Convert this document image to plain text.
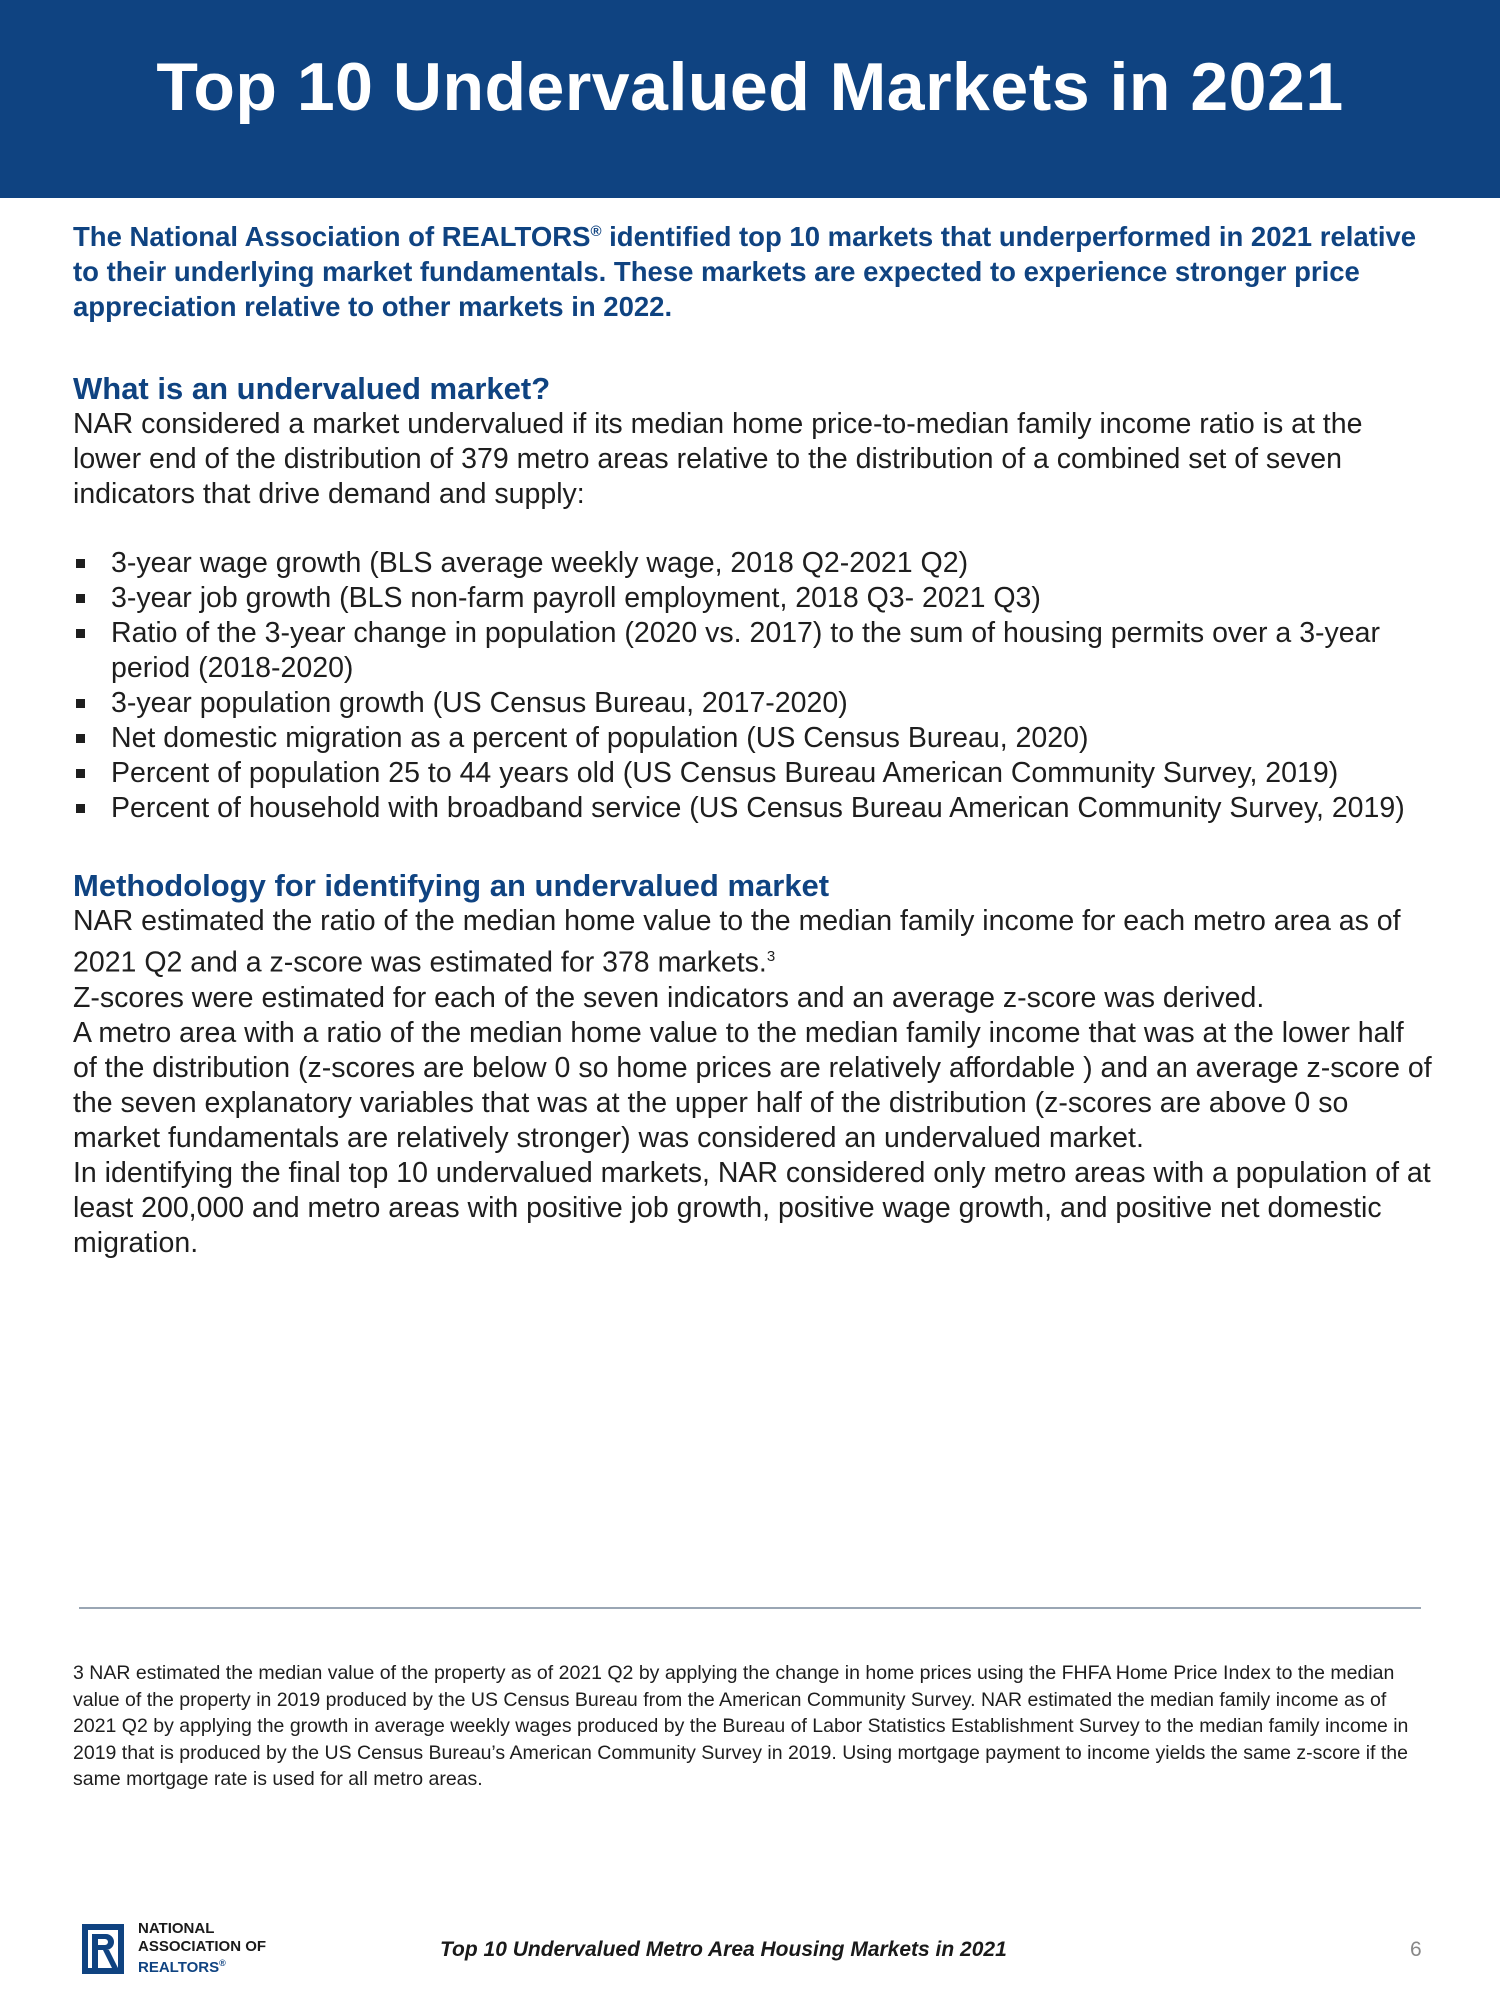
Top 10 Undervalued Markets in 2021

The National Association of REALTORS® identified top 10 markets that underperformed in 2021 relative to their underlying market fundamentals. These markets are expected to experience stronger price appreciation relative to other markets in 2022.

What is an undervalued market?

NAR considered a market undervalued if its median home price-to-median family income ratio is at the lower end of the distribution of 379 metro areas relative to the distribution of a combined set of seven indicators that drive demand and supply:

3-year wage growth (BLS average weekly wage, 2018 Q2-2021 Q2)
3-year job growth (BLS non-farm payroll employment, 2018 Q3- 2021 Q3)
Ratio of the 3-year change in population (2020 vs. 2017) to the sum of housing permits over a 3-year period (2018-2020)
3-year population growth (US Census Bureau, 2017-2020)
Net domestic migration as a percent of population (US Census Bureau, 2020)
Percent of population 25 to 44 years old (US Census Bureau American Community Survey, 2019)
Percent of household with broadband service (US Census Bureau American Community Survey, 2019)
Methodology for identifying an undervalued market

NAR estimated the ratio of the median home value to the median family income for each metro area as of 2021 Q2 and a z-score was estimated for 378 markets.$^3$

Z-scores were estimated for each of the seven indicators and an average z-score was derived.

A metro area with a ratio of the median home value to the median family income that was at the lower half of the distribution (z-scores are below 0 so home prices are relatively affordable ) and an average z-score of the seven explanatory variables that was at the upper half of the distribution (z-scores are above 0 so market fundamentals are relatively stronger) was considered an undervalued market.

In identifying the final top 10 undervalued markets, NAR considered only metro areas with a population of at least 200,000 and metro areas with positive job growth, positive wage growth, and positive net domestic migration.

3 NAR estimated the median value of the property as of 2021 Q2 by applying the change in home prices using the FHFA Home Price Index to the median value of the property in 2019 produced by the US Census Bureau from the American Community Survey. NAR estimated the median family income as of 2021 Q2 by applying the growth in average weekly wages produced by the Bureau of Labor Statistics Establishment Survey to the median family income in 2019 that is produced by the US Census Bureau’s American Community Survey in 2019. Using mortgage payment to income yields the same z-score if the same mortgage rate is used for all metro areas.

NATIONAL
ASSOCIATION OF
REALTORS®
Top 10 Undervalued Metro Area Housing Markets in 2021	6
